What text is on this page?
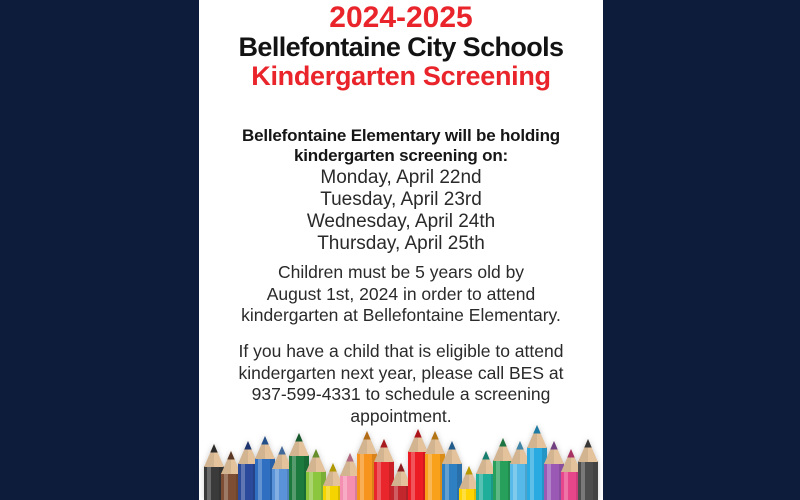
2024-2025
Bellefontaine City Schools
Kindergarten Screening
Bellefontaine Elementary will be holding
kindergarten screening on:
Monday, April 22nd
Tuesday, April 23rd
Wednesday, April 24th
Thursday, April 25th
Children must be 5 years old by
August 1st, 2024 in order to attend
kindergarten at Bellefontaine Elementary.
If you have a child that is eligible to attend
kindergarten next year, please call BES at
937-599-4331 to schedule a screening
appointment.
